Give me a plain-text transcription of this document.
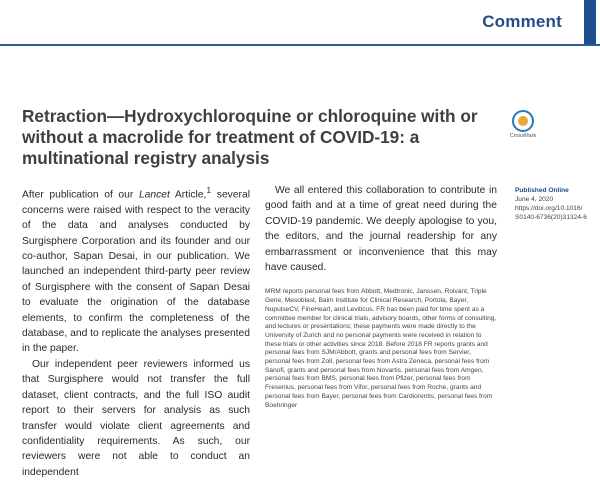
Comment
Retraction—Hydroxychloroquine or chloroquine with or without a macrolide for treatment of COVID-19: a multinational registry analysis
CrossMark

After publication of our Lancet Article,$^1$ several concerns were raised with respect to the veracity of the data and analyses conducted by Surgisphere Corporation and its founder and our co-author, Sapan Desai, in our publication. We launched an independent third-party peer review of Surgisphere with the consent of Sapan Desai to evaluate the origination of the database elements, to confirm the completeness of the database, and to replicate the analyses presented in the paper.

Our independent peer reviewers informed us that Surgisphere would not transfer the full dataset, client contracts, and the full ISO audit report to their servers for analysis as such transfer would violate client agreements and confidentiality requirements. As such, our reviewers were not able to conduct an independent

We all entered this collaboration to contribute in good faith and at a time of great need during the COVID-19 pandemic. We deeply apologise to you, the editors, and the journal readership for any embarrassment or inconvenience that this may have caused.

MRM reports personal fees from Abbott, Medtronic, Janssen, Roivant, Triple Gene, Mesoblast, Baim Institute for Clinical Research, Portola, Bayer, NupulseCV, FineHeart, and Leviticus. FR has been paid for time spent as a committee member for clinical trials, advisory boards, other forms of consulting, and lectures or presentations; these payments were made directly to the University of Zurich and no personal payments were received in relation to these trials or other activities since 2018. Before 2018 FR reports grants and personal fees from SJM/Abbott, grants and personal fees from Servier, personal fees from Zoll, personal fees from Astra Zeneca, personal fees from Sanofi, grants and personal fees from Novartis, personal fees from Amgen, personal fees from BMS, personal fees from Pfizer, personal fees from Fresenius, personal fees from Vifor, personal fees from Roche, grants and personal fees from Bayer, personal fees from Cardiorentis, personal fees from Boehringer

Published Online
June 4, 2020
https://doi.org/10.1016/ S0140-6736(20)31324-6
